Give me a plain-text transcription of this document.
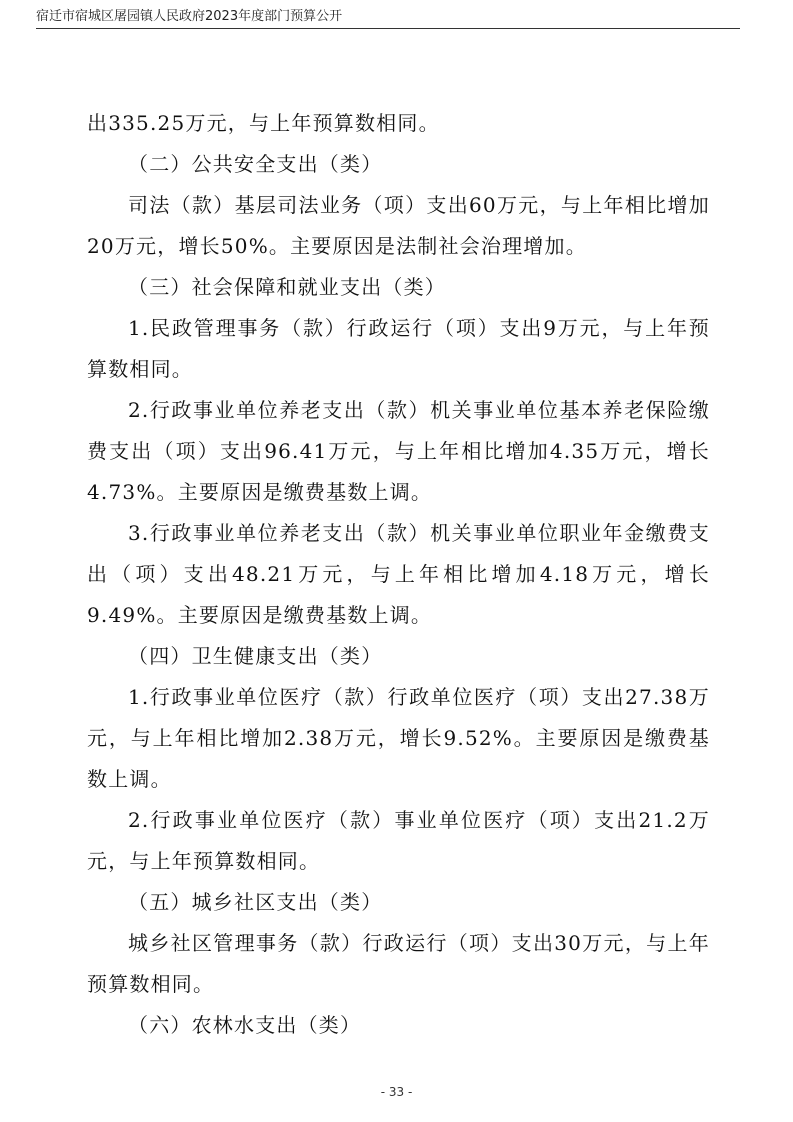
宿迁市宿城区屠园镇人民政府2023年度部门预算公开

出335.25万元，与上年预算数相同。

（二）公共安全支出（类）

司法（款）基层司法业务（项）支出60万元，与上年相比增加20万元，增长50%。主要原因是法制社会治理增加。

（三）社会保障和就业支出（类）

1.民政管理事务（款）行政运行（项）支出9万元，与上年预算数相同。

2.行政事业单位养老支出（款）机关事业单位基本养老保险缴费支出（项）支出96.41万元，与上年相比增加4.35万元，增长4.73%。主要原因是缴费基数上调。

3.行政事业单位养老支出（款）机关事业单位职业年金缴费支出（项）支出48.21万元，与上年相比增加4.18万元，增长9.49%。主要原因是缴费基数上调。

（四）卫生健康支出（类）

1.行政事业单位医疗（款）行政单位医疗（项）支出27.38万元，与上年相比增加2.38万元，增长9.52%。主要原因是缴费基数上调。

2.行政事业单位医疗（款）事业单位医疗（项）支出21.2万元，与上年预算数相同。

（五）城乡社区支出（类）

城乡社区管理事务（款）行政运行（项）支出30万元，与上年预算数相同。

（六）农林水支出（类）

- 33 -
